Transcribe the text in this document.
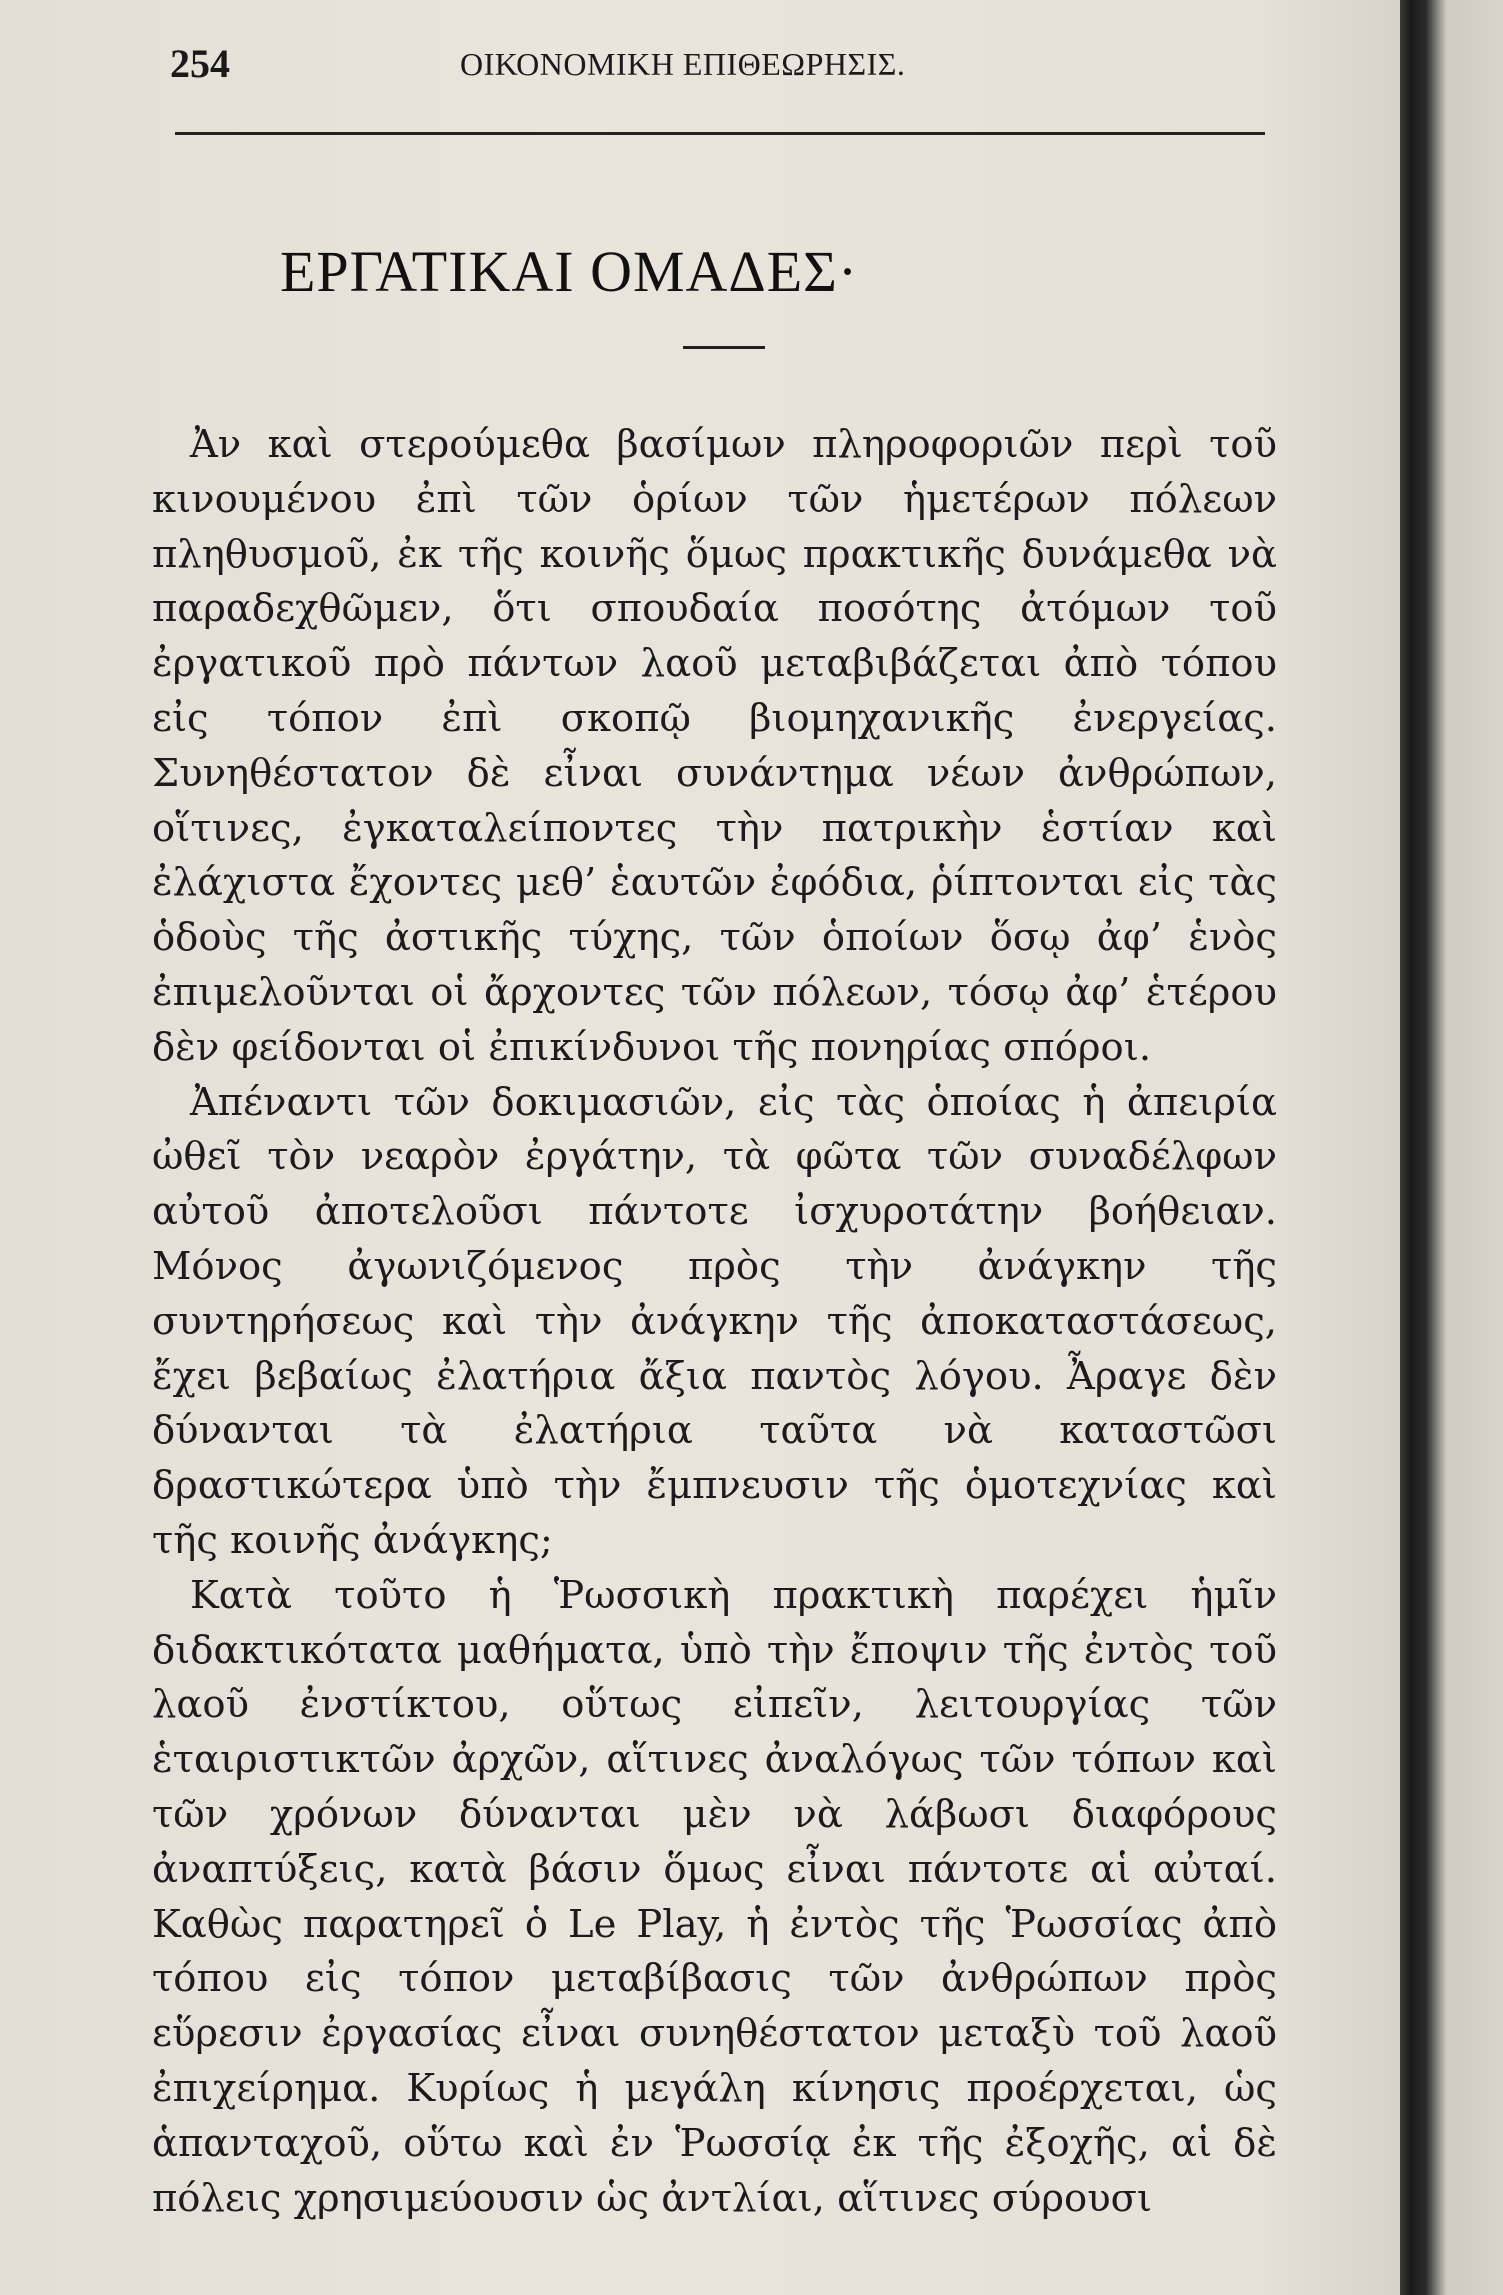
254	ΟΙΚΟΝΟΜΙΚΗ ΕΠΙΘΕΩΡΗΣΙΣ.
ΕΡΓΑΤΙΚΑΙ ΟΜΑΔΕΣ·

Ἀν καὶ στερούμεθα βασίμων πληροφοριῶν περὶ τοῦ κινουμένου ἐπὶ τῶν ὁρίων τῶν ἡμετέρων πόλεων πληθυσμοῦ, ἐκ τῆς κοινῆς ὅμως πρακτικῆς δυνάμεθα νὰ παραδεχθῶμεν, ὅτι σπουδαία ποσότης ἀτόμων τοῦ ἐργατικοῦ πρὸ πάντων λαοῦ μεταβιβάζεται ἀπὸ τόπου εἰς τόπον ἐπὶ σκοπῷ βιομηχανικῆς ἐνεργείας. Συνηθέστατον δὲ εἶναι συνάντημα νέων ἀνθρώπων, οἵτινες, ἐγκαταλείποντες τὴν πατρικὴν ἑστίαν καὶ ἐλάχιστα ἔχοντες μεθ’ ἑαυτῶν ἐφόδια, ῥίπτονται εἰς τὰς ὁδοὺς τῆς ἀστικῆς τύχης, τῶν ὁποίων ὅσῳ ἀφ’ ἑνὸς ἐπιμελοῦνται οἱ ἄρχοντες τῶν πόλεων, τόσῳ ἀφ’ ἑτέρου δὲν φείδονται οἱ ἐπικίνδυνοι τῆς πονηρίας σπόροι.

Ἀπέναντι τῶν δοκιμασιῶν, εἰς τὰς ὁποίας ἡ ἀπειρία ὠθεῖ τὸν νεαρὸν ἐργάτην, τὰ φῶτα τῶν συναδέλφων αὐτοῦ ἀποτελοῦσι πάντοτε ἰσχυροτάτην βοήθειαν. Μόνος ἀγωνιζόμενος πρὸς τὴν ἀνάγκην τῆς συντηρήσεως καὶ τὴν ἀνάγκην τῆς ἀποκαταστάσεως, ἔχει βεβαίως ἐλατήρια ἄξια παντὸς λόγου. Ἆραγε δὲν δύνανται τὰ ἐλατήρια ταῦτα νὰ καταστῶσι δραστικώτερα ὑπὸ τὴν ἔμπνευσιν τῆς ὁμοτεχνίας καὶ τῆς κοινῆς ἀνάγκης;

Κατὰ τοῦτο ἡ Ῥωσσικὴ πρακτικὴ παρέχει ἡμῖν διδακτικότατα μαθήματα, ὑπὸ τὴν ἔποψιν τῆς ἐντὸς τοῦ λαοῦ ἐνστίκτου, οὕτως εἰπεῖν, λειτουργίας τῶν ἑταιριστικτῶν ἀρχῶν, αἵτινες ἀναλόγως τῶν τόπων καὶ τῶν χρόνων δύνανται μὲν νὰ λάβωσι διαφόρους ἀναπτύξεις, κατὰ βάσιν ὅμως εἶναι πάντοτε αἱ αὐταί. Καθὼς παρατηρεῖ ὁ Le Play, ἡ ἐντὸς τῆς Ῥωσσίας ἀπὸ τόπου εἰς τόπον μεταβίβασις τῶν ἀνθρώπων πρὸς εὕρεσιν ἐργασίας εἶναι συνηθέστατον μεταξὺ τοῦ λαοῦ ἐπιχείρημα. Κυρίως ἡ μεγάλη κίνησις προέρχεται, ὡς ἁπανταχοῦ, οὕτω καὶ ἐν Ῥωσσίᾳ ἐκ τῆς ἐξοχῆς, αἱ δὲ πόλεις χρησιμεύουσιν ὡς ἀντλίαι, αἵτινες σύρουσι
